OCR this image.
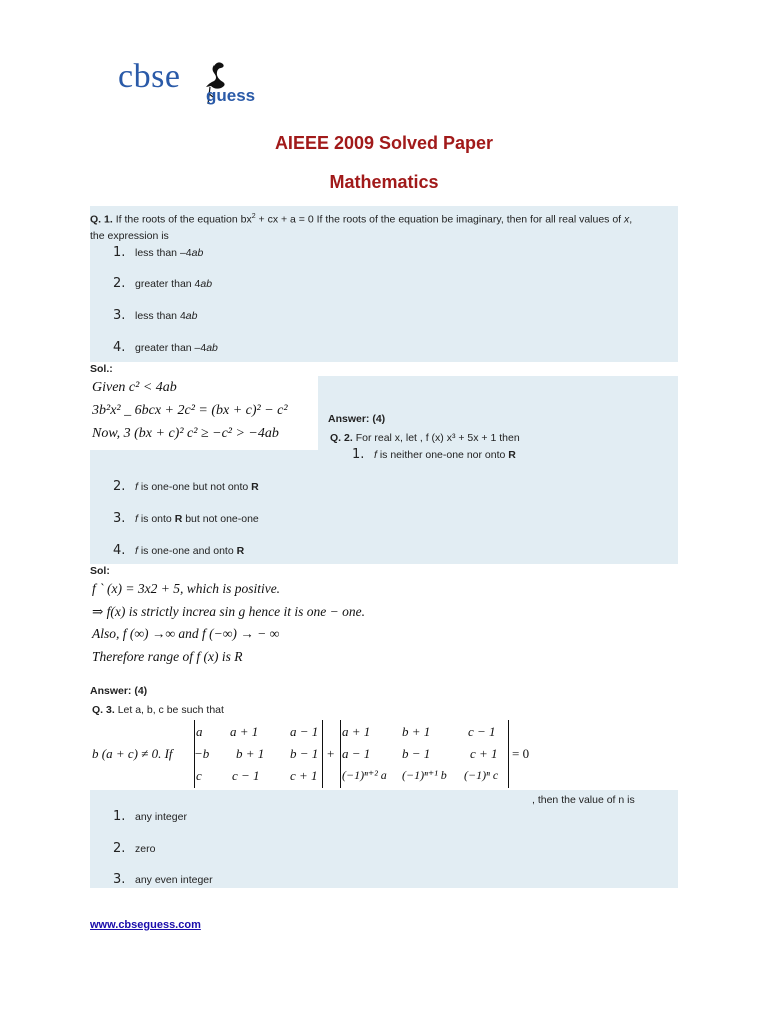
cbse
guess
AIEEE 2009 Solved Paper
Mathematics
Q. 1. If the roots of the equation $bx^2$ + cx + a = 0 If the roots of the equation be imaginary, then for all real values of x,
the expression is
1. less than –4ab
2. greater than 4ab
3. less than 4ab
4. greater than –4ab
Sol.:
Given c² < 4ab
3b²x² _ 6bcx + 2c² = (bx + c)² − c²
Now, 3 (bx + c)² c² ≥ −c² > −4ab
Answer: (4)
Q. 2. For real x, let , f (x) x³ + 5x + 1 then
1. f is neither one-one nor onto R
2. f is one-one but not onto R
3. f is onto R but not one-one
4. f is one-one and onto R
Sol:
f ` (x) = 3x2 + 5, which is positive.
⇒ f(x) is strictly increa sin g hence it is one − one.
Also, f (∞) →∞ and f (−∞) → − ∞
Therefore range of f (x) is R
Answer: (4)
Q. 3. Let a, b, c be such that
b (a + c) ≠ 0. If
a a + 1 a − 1
−b b + 1 b − 1
c c − 1 c + 1
+
a + 1 b + 1	c − 1
a − 1 b − 1	c + 1
(−1)ⁿ⁺² a (−1)ⁿ⁺¹ b (−1)ⁿ c
= 0
, then the value of n is
1. any integer
2. zero
3. any even integer
www.cbseguess.com
